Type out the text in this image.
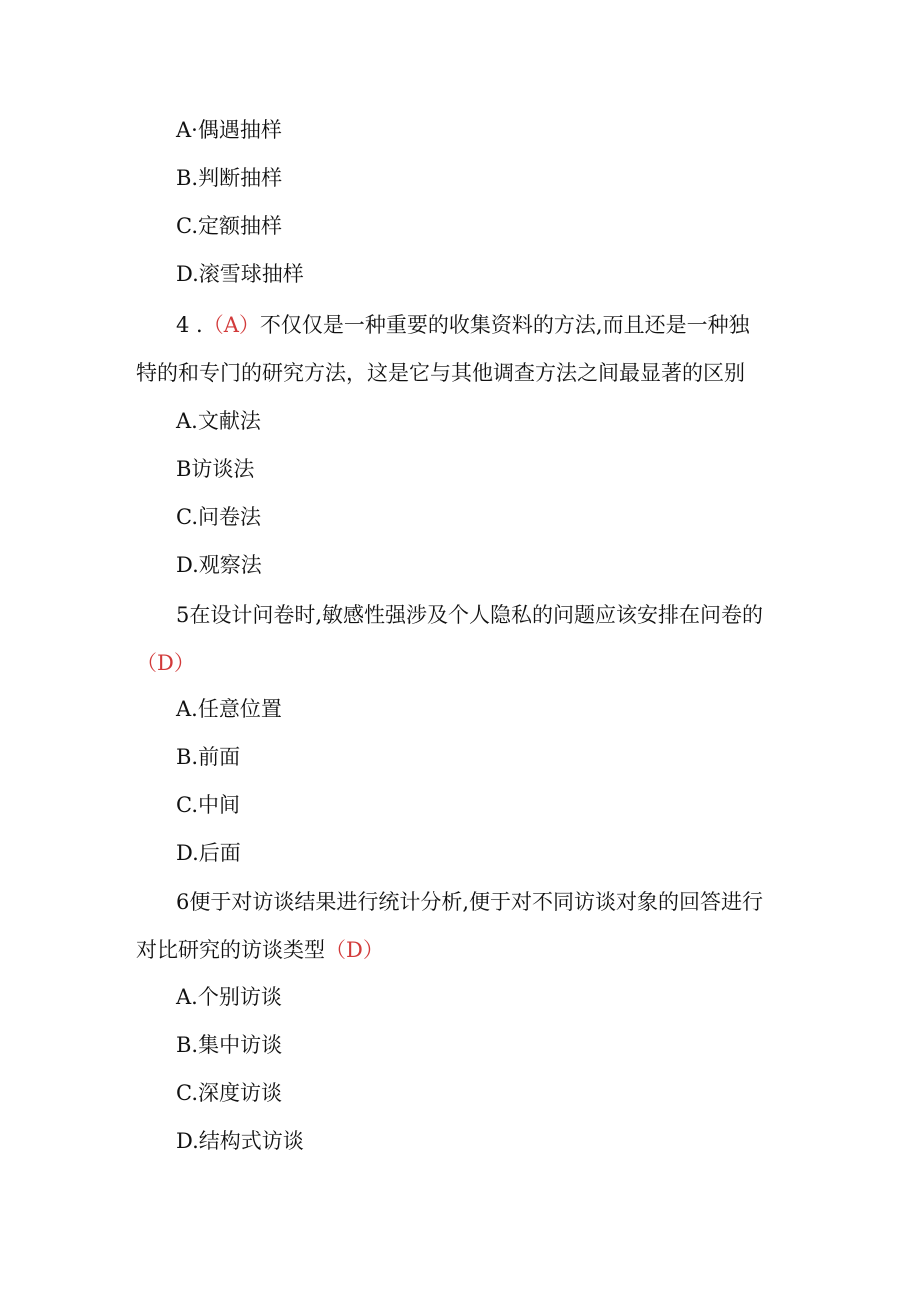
A·偶遇抽样
B.判断抽样
C.定额抽样
D.滚雪球抽样
4 .（A）不仅仅是一种重要的收集资料的方法,而且还是一种独
特的和专门的研究方法，这是它与其他调查方法之间最显著的区别
A.文献法
B访谈法
C.问卷法
D.观察法
5在设计问卷时,敏感性强涉及个人隐私的问题应该安排在问卷的
（D）
A.任意位置
B.前面
C.中间
D.后面
6便于对访谈结果进行统计分析,便于对不同访谈对象的回答进行
对比研究的访谈类型（D）
A.个别访谈
B.集中访谈
C.深度访谈
D.结构式访谈
